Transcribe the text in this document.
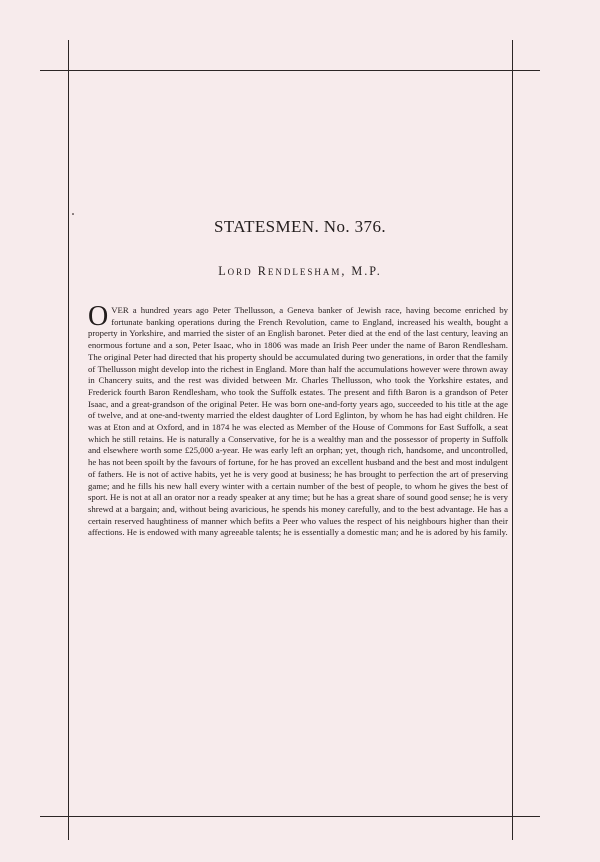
STATESMEN. No. 376.
Lord Rendlesham, M.P.
OVER a hundred years ago Peter Thellusson, a Geneva banker of Jewish race, having become enriched by fortunate banking operations during the French Revolution, came to England, increased his wealth, bought a property in Yorkshire, and married the sister of an English baronet. Peter died at the end of the last century, leaving an enormous fortune and a son, Peter Isaac, who in 1806 was made an Irish Peer under the name of Baron Rendlesham. The original Peter had directed that his property should be accumulated during two generations, in order that the family of Thellusson might develop into the richest in England. More than half the accumulations however were thrown away in Chancery suits, and the rest was divided between Mr. Charles Thellusson, who took the Yorkshire estates, and Frederick fourth Baron Rendlesham, who took the Suffolk estates. The present and fifth Baron is a grandson of Peter Isaac, and a great-grandson of the original Peter. He was born one-and-forty years ago, succeeded to his title at the age of twelve, and at one-and-twenty married the eldest daughter of Lord Eglinton, by whom he has had eight children. He was at Eton and at Oxford, and in 1874 he was elected as Member of the House of Commons for East Suffolk, a seat which he still retains. He is naturally a Conservative, for he is a wealthy man and the possessor of property in Suffolk and elsewhere worth some £25,000 a-year. He was early left an orphan; yet, though rich, handsome, and uncontrolled, he has not been spoilt by the favours of fortune, for he has proved an excellent husband and the best and most indulgent of fathers. He is not of active habits, yet he is very good at business; he has brought to perfection the art of preserving game; and he fills his new hall every winter with a certain number of the best of people, to whom he gives the best of sport. He is not at all an orator nor a ready speaker at any time; but he has a great share of sound good sense; he is very shrewd at a bargain; and, without being avaricious, he spends his money carefully, and to the best advantage. He has a certain reserved haughtiness of manner which befits a Peer who values the respect of his neighbours higher than their affections. He is endowed with many agreeable talents; he is essentially a domestic man; and he is adored by his family.
